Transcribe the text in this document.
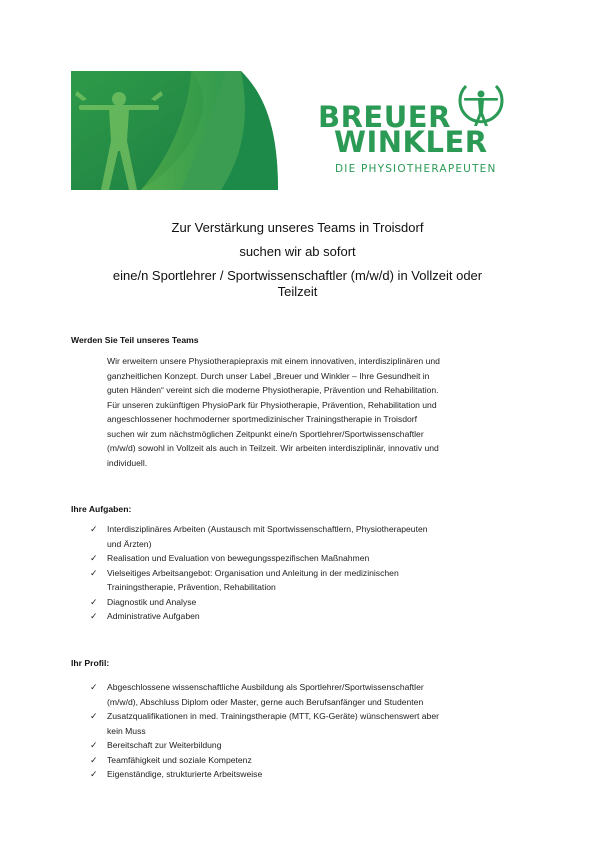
BREUER
WINKLER
DIE PHYSIOTHERAPEUTEN
Zur Verstärkung unseres Teams in Troisdorf
suchen wir ab sofort
eine/n Sportlehrer / Sportwissenschaftler (m/w/d) in Vollzeit oder
Teilzeit
Werden Sie Teil unseres Teams
Wir erweitern unsere Physiotherapiepraxis mit einem innovativen, interdisziplinären und
ganzheitlichen Konzept. Durch unser Label „Breuer und Winkler – Ihre Gesundheit in
guten Händen“ vereint sich die moderne Physiotherapie, Prävention und Rehabilitation.
Für unseren zukünftigen PhysioPark für Physiotherapie, Prävention, Rehabilitation und
angeschlossener hochmoderner sportmedizinischer Trainingstherapie in Troisdorf
suchen wir zum nächstmöglichen Zeitpunkt eine/n Sportlehrer/Sportwissenschaftler
(m/w/d) sowohl in Vollzeit als auch in Teilzeit. Wir arbeiten interdisziplinär, innovativ und
individuell.
Ihre Aufgaben:
✓ Interdisziplinäres Arbeiten (Austausch mit Sportwissenschaftlern, Physiotherapeuten
und Ärzten)
✓ Realisation und Evaluation von bewegungsspezifischen Maßnahmen
✓ Vielseitiges Arbeitsangebot: Organisation und Anleitung in der medizinischen
Trainingstherapie, Prävention, Rehabilitation
✓ Diagnostik und Analyse
✓ Administrative Aufgaben
Ihr Profil:
✓ Abgeschlossene wissenschaftliche Ausbildung als Sportlehrer/Sportwissenschaftler
(m/w/d), Abschluss Diplom oder Master, gerne auch Berufsanfänger und Studenten
✓ Zusatzqualifikationen in med. Trainingstherapie (MTT, KG-Geräte) wünschenswert aber
kein Muss
✓ Bereitschaft zur Weiterbildung
✓ Teamfähigkeit und soziale Kompetenz
✓ Eigenständige, strukturierte Arbeitsweise
